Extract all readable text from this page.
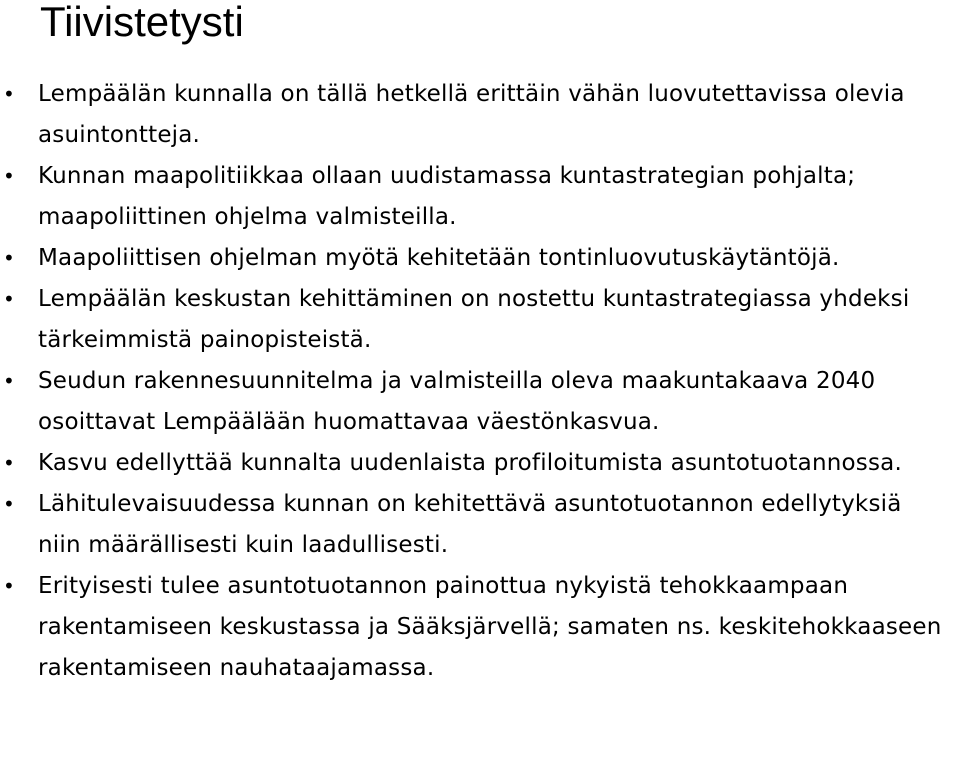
Tiivistetysti
• Lempäälän kunnalla on tällä hetkellä erittäin vähän luovutettavissa olevia asuintontteja.
• Kunnan maapolitiikkaa ollaan uudistamassa kuntastrategian pohjalta; maapoliittinen ohjelma valmisteilla.
• Maapoliittisen ohjelman myötä kehitetään tontinluovutuskäytäntöjä.
• Lempäälän keskustan kehittäminen on nostettu kuntastrategiassa yhdeksi tärkeimmistä painopisteistä.
• Seudun rakennesuunnitelma ja valmisteilla oleva maakuntakaava 2040 osoittavat Lempäälään huomattavaa väestönkasvua.
• Kasvu edellyttää kunnalta uudenlaista profiloitumista asuntotuotannossa.
• Lähitulevaisuudessa kunnan on kehitettävä asuntotuotannon edellytyksiä niin määrällisesti kuin laadullisesti.
• Erityisesti tulee asuntotuotannon painottua nykyistä tehokkaampaan rakentamiseen keskustassa ja Sääksjärvellä; samaten ns. keskitehokkaaseen rakentamiseen nauhataajamassa.
